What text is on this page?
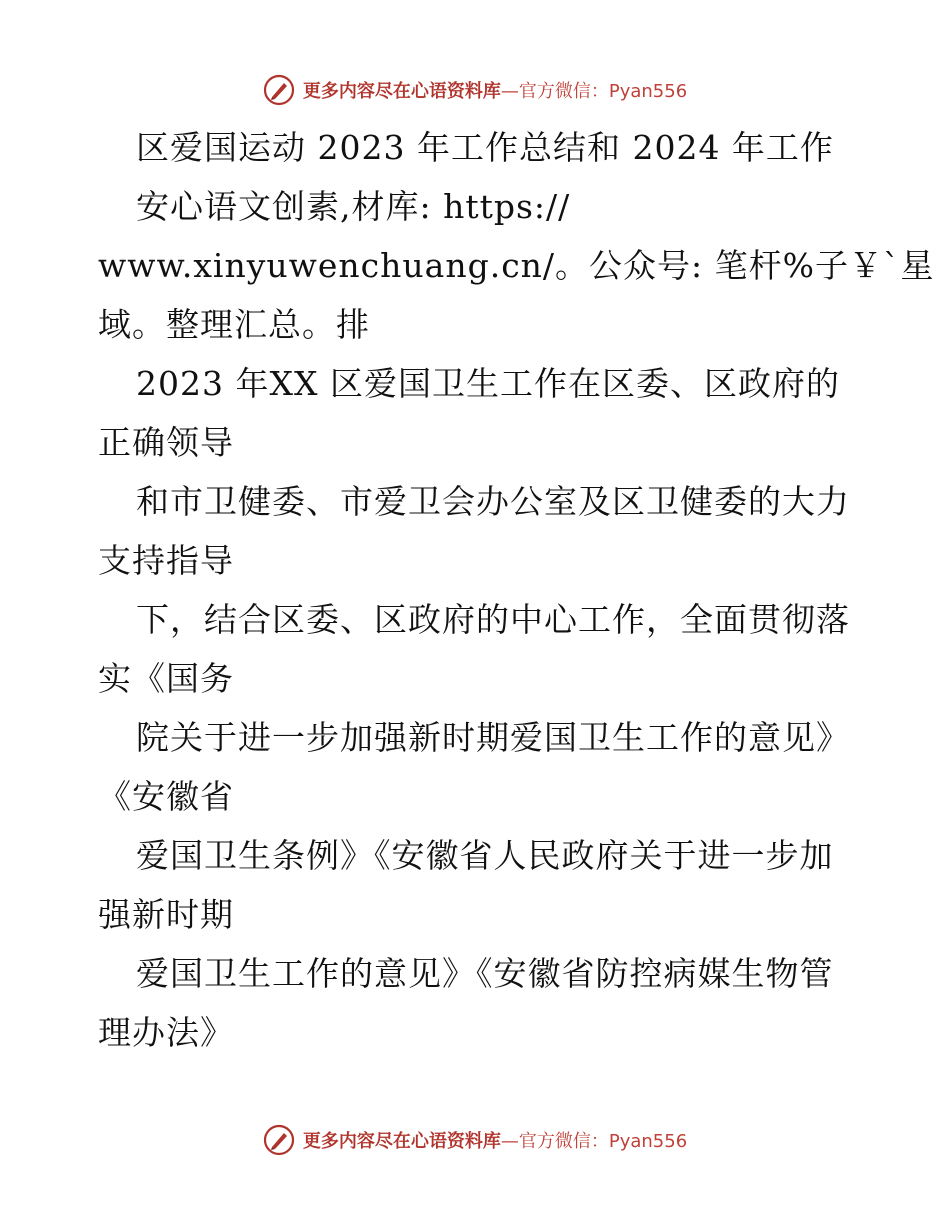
更多内容尽在心语资料库—官方微信：Pyan556
区爱国运动 2023 年工作总结和 2024 年工作
安心语文创素,材库: https://
www.xinyuwenchuang.cn/。公众号: 笔杆%子￥`星
域。整理汇总。排
2023 年XX 区爱国卫生工作在区委、区政府的
正确领导
和市卫健委、市爱卫会办公室及区卫健委的大力
支持指导
下，结合区委、区政府的中心工作，全面贯彻落
实《国务
院关于进一步加强新时期爱国卫生工作的意见》
《安徽省
爱国卫生条例》《安徽省人民政府关于进一步加
强新时期
爱国卫生工作的意见》《安徽省防控病媒生物管
理办法》
更多内容尽在心语资料库—官方微信：Pyan556
